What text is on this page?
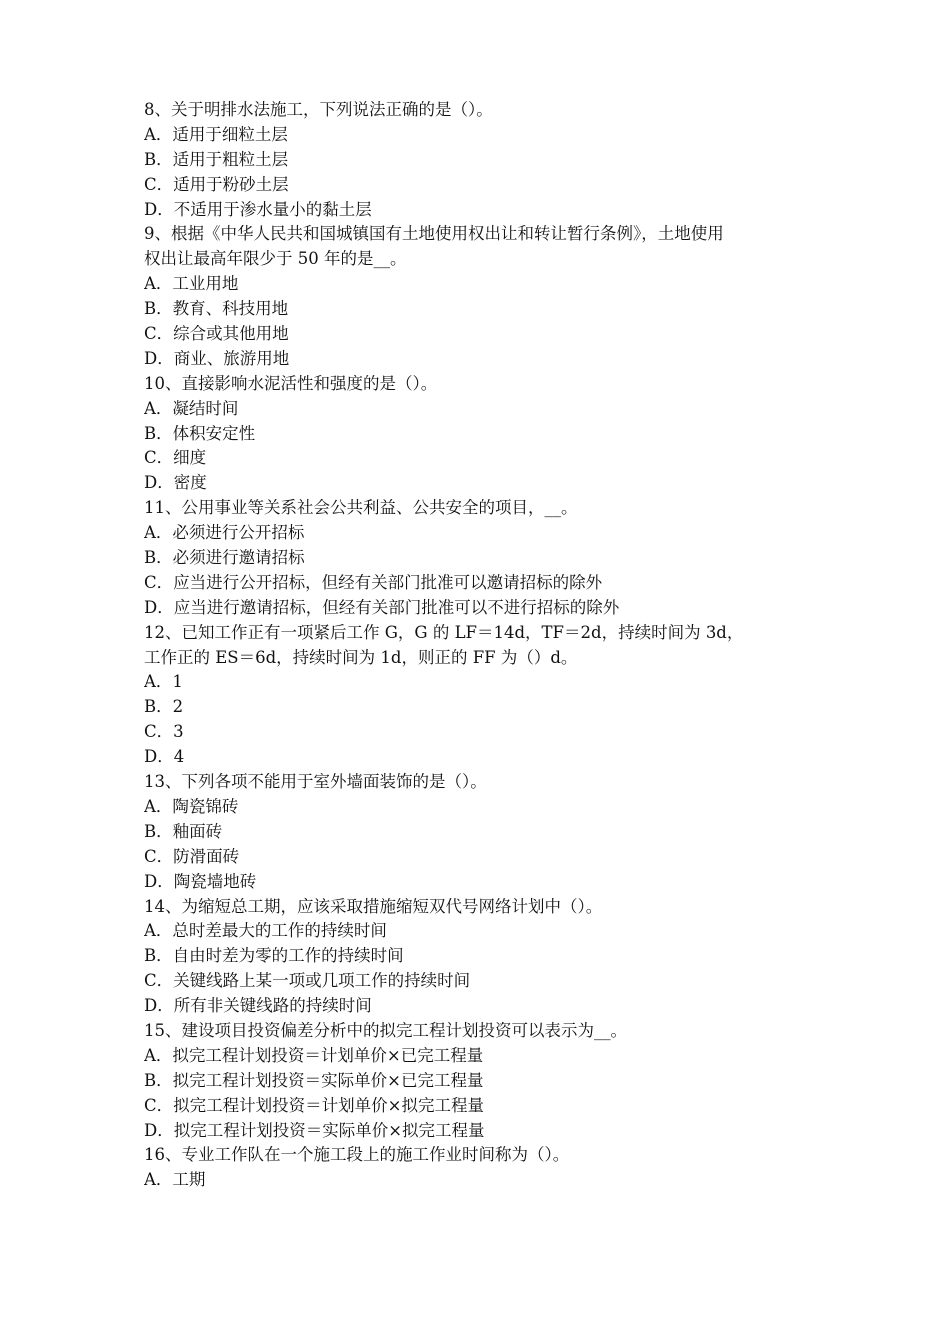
8、关于明排水法施工，下列说法正确的是（）。
A．适用于细粒土层
B．适用于粗粒土层
C．适用于粉砂土层
D．不适用于渗水量小的黏土层
9、根据《中华人民共和国城镇国有土地使用权出让和转让暂行条例》，土地使用
权出让最高年限少于 50 年的是__。
A．工业用地
B．教育、科技用地
C．综合或其他用地
D．商业、旅游用地
10、直接影响水泥活性和强度的是（）。
A．凝结时间
B．体积安定性
C．细度
D．密度
11、公用事业等关系社会公共利益、公共安全的项目，__。
A．必须进行公开招标
B．必须进行邀请招标
C．应当进行公开招标，但经有关部门批准可以邀请招标的除外
D．应当进行邀请招标，但经有关部门批准可以不进行招标的除外
12、已知工作正有一项紧后工作 G，G 的 LF＝14d，TF＝2d，持续时间为 3d，
工作正的 ES＝6d，持续时间为 1d，则正的 FF 为（）d。
A．1
B．2
C．3
D．4
13、下列各项不能用于室外墙面装饰的是（）。
A．陶瓷锦砖
B．釉面砖
C．防滑面砖
D．陶瓷墙地砖
14、为缩短总工期，应该采取措施缩短双代号网络计划中（）。
A．总时差最大的工作的持续时间
B．自由时差为零的工作的持续时间
C．关键线路上某一项或几项工作的持续时间
D．所有非关键线路的持续时间
15、建设项目投资偏差分析中的拟完工程计划投资可以表示为__。
A．拟完工程计划投资＝计划单价×已完工程量
B．拟完工程计划投资＝实际单价×已完工程量
C．拟完工程计划投资＝计划单价×拟完工程量
D．拟完工程计划投资＝实际单价×拟完工程量
16、专业工作队在一个施工段上的施工作业时间称为（）。
A．工期
